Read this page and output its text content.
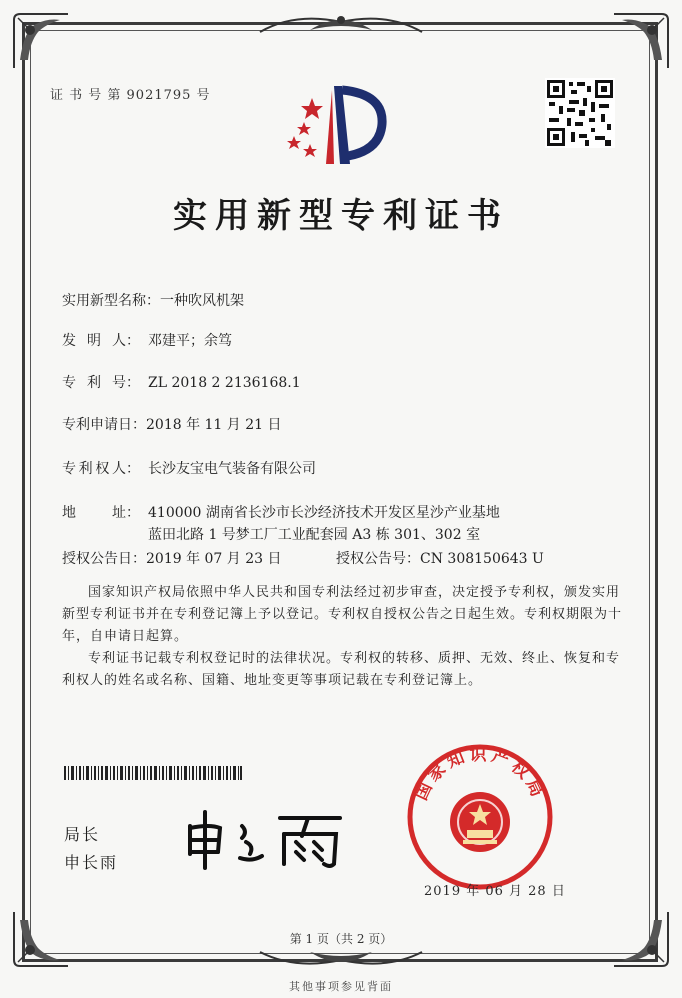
证 书 号 第 9021795 号
实用新型专利证书
实用新型名称：一种吹风机架
发 明 人： 邓建平；余笃
专 利 号： ZL 2018 2 2136168.1
专利申请日：2018 年 11 月 21 日
专 利 权 人： 长沙友宝电气装备有限公司
地	址： 410000 湖南省长沙市长沙经济技术开发区星沙产业基地
蓝田北路 1 号梦工厂工业配套园 A3 栋 301、302 室
授权公告日：2019 年 07 月 23 日	授权公告号：CN 308150643 U
国家知识产权局依照中华人民共和国专利法经过初步审查，决定授予专利权，颁发实用新型专利证书并在专利登记簿上予以登记。专利权自授权公告之日起生效。专利权期限为十年，自申请日起算。
专利证书记载专利权登记时的法律状况。专利权的转移、质押、无效、终止、恢复和专利权人的姓名或名称、国籍、地址变更等事项记载在专利登记簿上。
局长
申长雨
国家知识产权局
2019 年 06 月 28 日
第 1 页（共 2 页）
其他事项参见背面
